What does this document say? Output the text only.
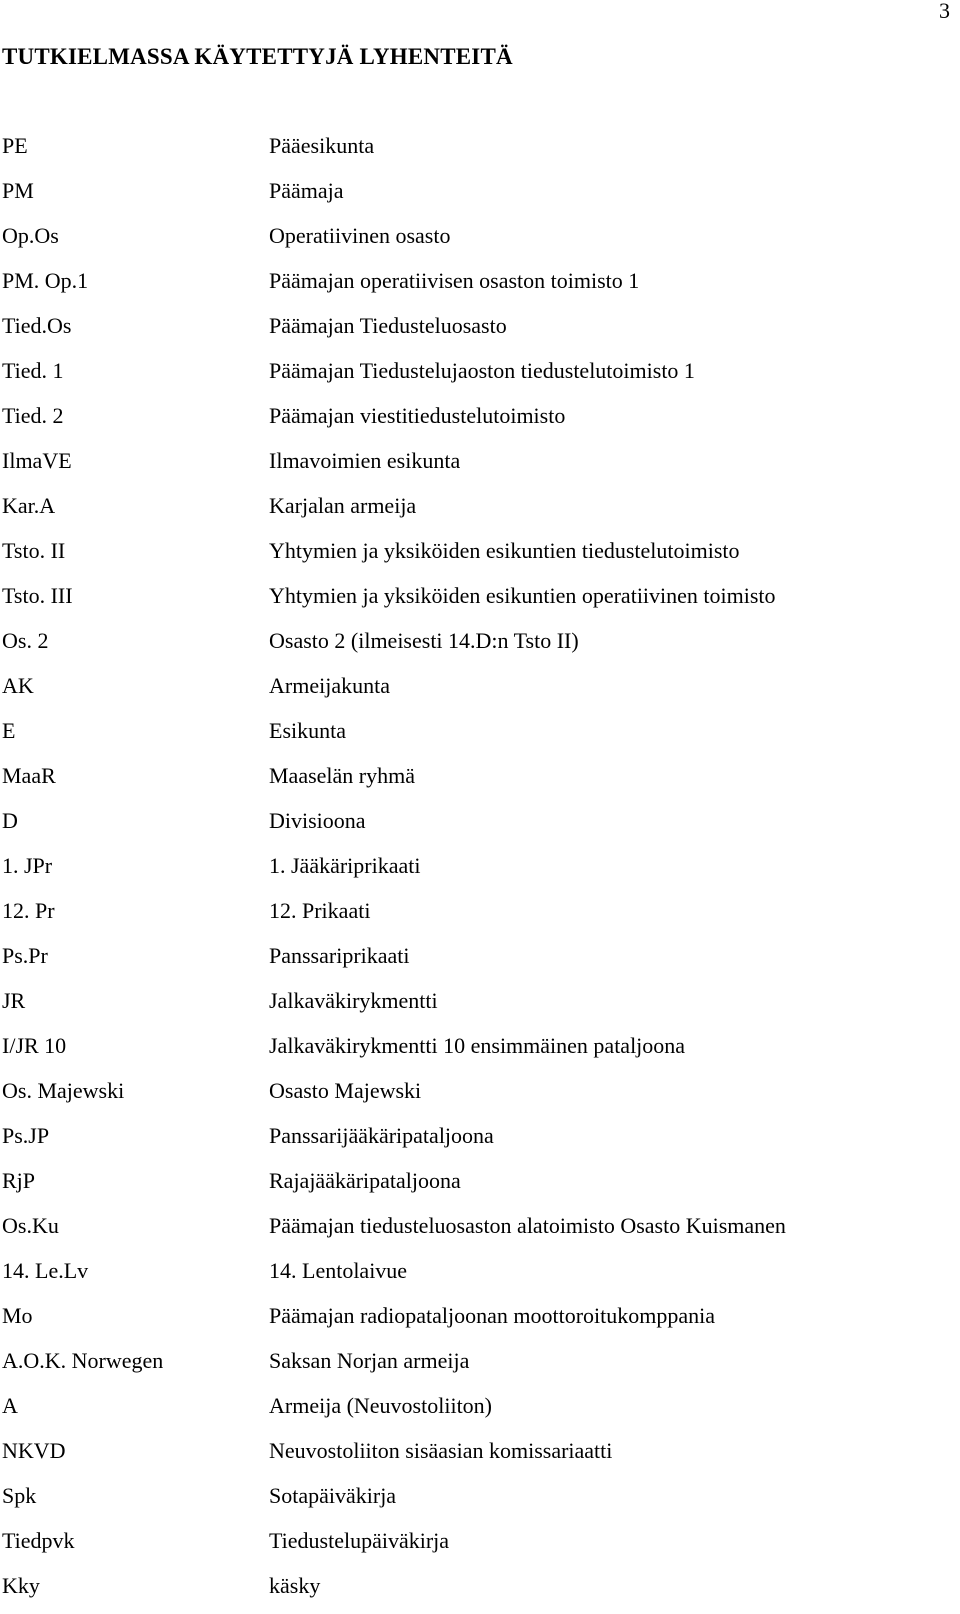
3
TUTKIELMASSA KÄYTETTYJÄ LYHENTEITÄ
PE	Pääesikunta
PM	Päämaja
Op.Os	Operatiivinen osasto
PM. Op.1	Päämajan operatiivisen osaston toimisto 1
Tied.Os	Päämajan Tiedusteluosasto
Tied. 1	Päämajan Tiedustelujaoston tiedustelutoimisto 1
Tied. 2	Päämajan viestitiedustelutoimisto
IlmaVE	Ilmavoimien esikunta
Kar.A	Karjalan armeija
Tsto. II	Yhtymien ja yksiköiden esikuntien tiedustelutoimisto
Tsto. III	Yhtymien ja yksiköiden esikuntien operatiivinen toimisto
Os. 2	Osasto 2 (ilmeisesti 14.D:n Tsto II)
AK	Armeijakunta
E	Esikunta
MaaR	Maaselän ryhmä
D	Divisioona
1. JPr	1. Jääkäriprikaati
12. Pr	12. Prikaati
Ps.Pr	Panssariprikaati
JR	Jalkaväkirykmentti
I/JR 10	Jalkaväkirykmentti 10 ensimmäinen pataljoona
Os. Majewski	Osasto Majewski
Ps.JP	Panssarijääkäripataljoona
RjP	Rajajääkäripataljoona
Os.Ku	Päämajan tiedusteluosaston alatoimisto Osasto Kuismanen
14. Le.Lv	14. Lentolaivue
Mo	Päämajan radiopataljoonan moottoroitukomppania
A.O.K. Norwegen	Saksan Norjan armeija
A	Armeija (Neuvostoliiton)
NKVD	Neuvostoliiton sisäasian komissariaatti
Spk	Sotapäiväkirja
Tiedpvk	Tiedustelupäiväkirja
Kky	käsky
